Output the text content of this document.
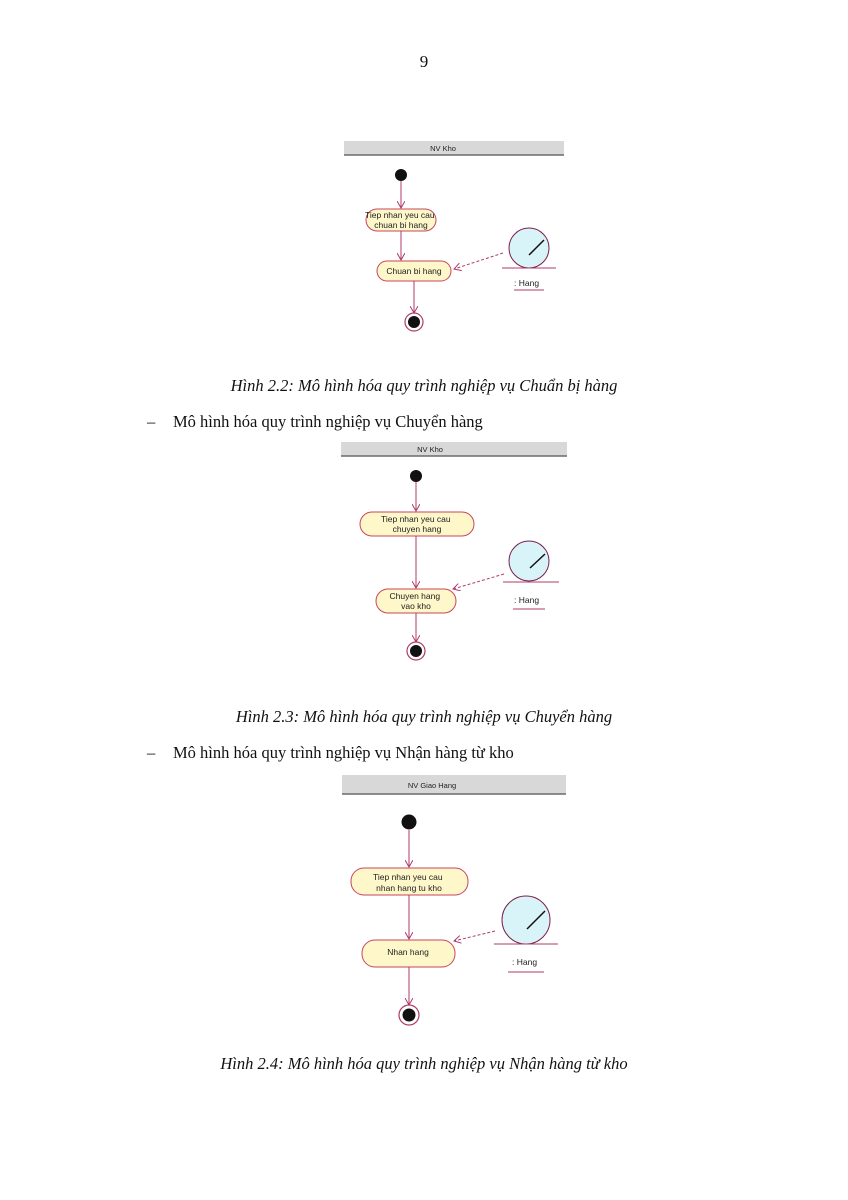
9
NV Kho
Tiep nhan yeu cau chuan bi hang
Chuan bi hang
: Hang
Hình 2.2: Mô hình hóa quy trình nghiệp vụ Chuẩn bị hàng
– Mô hình hóa quy trình nghiệp vụ Chuyển hàng
NV Kho
Tiep nhan yeu cau chuyen hang
Chuyen hang vao kho
: Hang
Hình 2.3: Mô hình hóa quy trình nghiệp vụ Chuyển hàng
– Mô hình hóa quy trình nghiệp vụ Nhận hàng từ kho
NV Giao Hang
Tiep nhan yeu cau nhan hang tu kho
Nhan hang
: Hang
Hình 2.4: Mô hình hóa quy trình nghiệp vụ Nhận hàng từ kho
